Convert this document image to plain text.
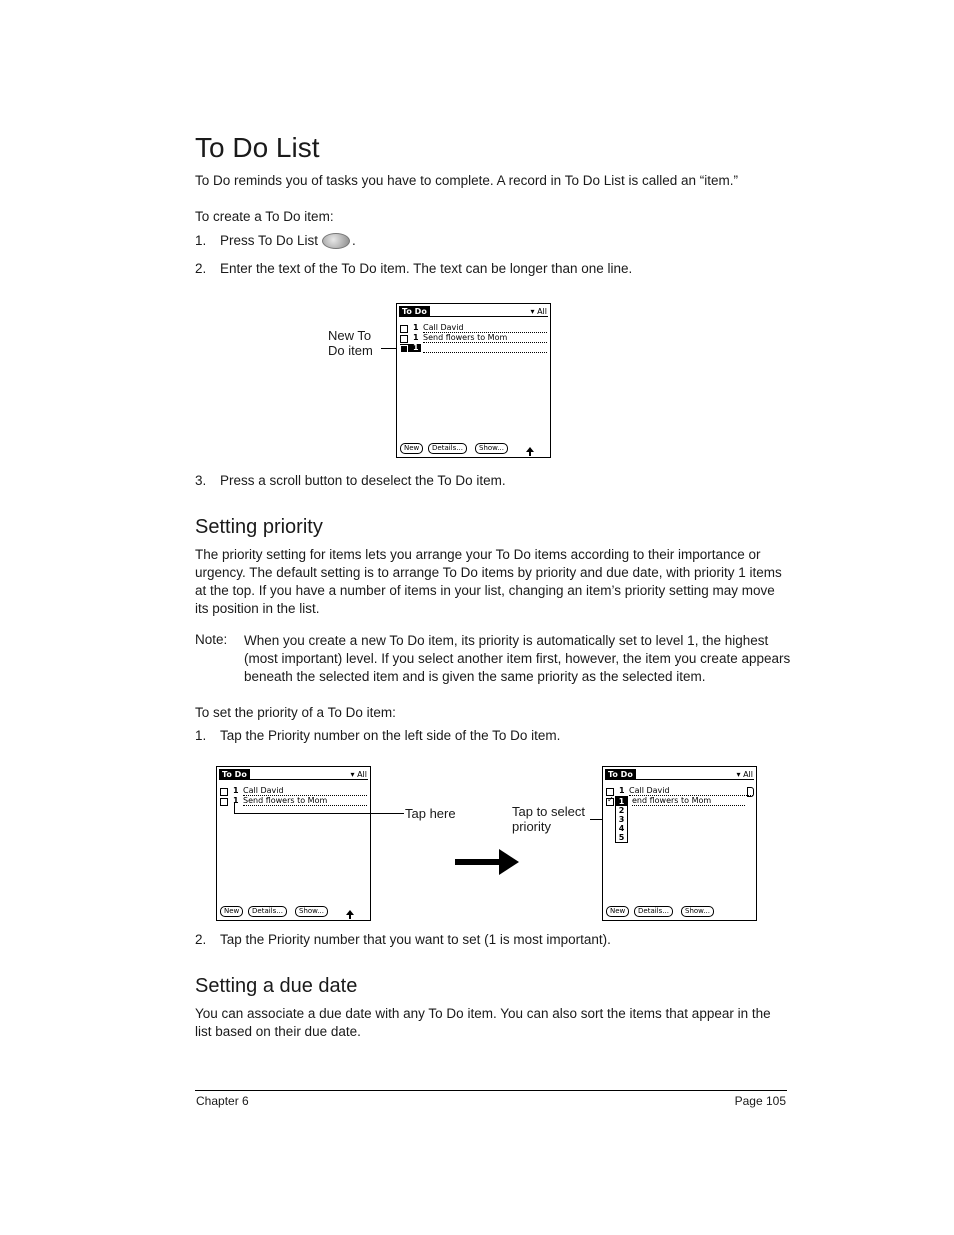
To Do List
To Do reminds you of tasks you have to complete. A record in To Do List is called an “item.”
To create a To Do item:
1. Press To Do List	.
2. Enter the text of the To Do item. The text can be longer than one line.
New To
Do item
To Do	▾ All
1 Call David
1 Send flowers to Mom
1
New	Details...	Show...
3. Press a scroll button to deselect the To Do item.
Setting priority
The priority setting for items lets you arrange your To Do items according to their importance or urgency. The default setting is to arrange To Do items by priority and due date, with priority 1 items at the top. If you have a number of items in your list, changing an item’s priority setting may move its position in the list.
Note: When you create a new To Do item, its priority is automatically set to level 1, the highest (most important) level. If you select another item first, however, the item you create appears beneath the selected item and is given the same priority as the selected item.
To set the priority of a To Do item:
1. Tap the Priority number on the left side of the To Do item.
To Do	▾ All
1 Call David
1 Send flowers to Mom
New	Details...	Show...
Tap here	Tap to select
priority
To Do	▾ All
1 Call David
✓
end flowers to Mom
1
2
3
4
5
New	Details...	Show...
2. Tap the Priority number that you want to set (1 is most important).
Setting a due date
You can associate a due date with any To Do item. You can also sort the items that appear in the list based on their due date.
Chapter 6	Page 105
